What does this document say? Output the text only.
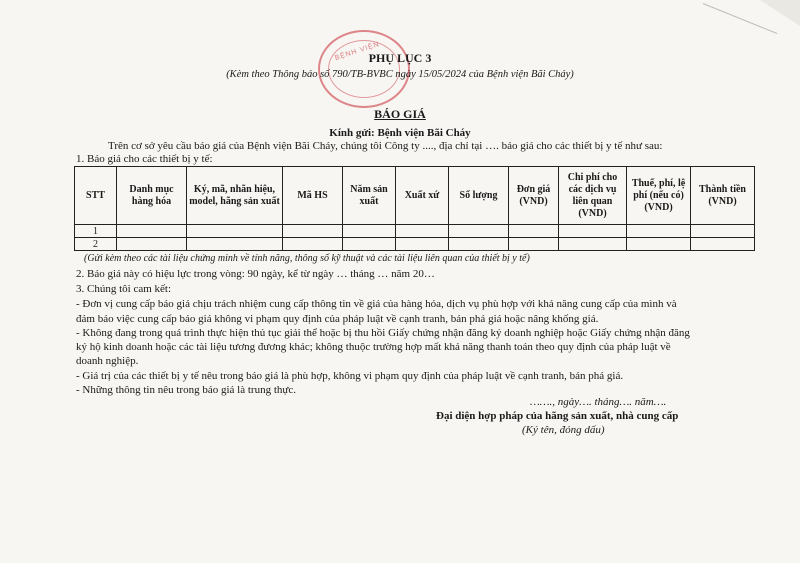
BỆNH VIỆN
PHỤ LỤC 3
(Kèm theo Thông báo số 790/TB-BVBC ngày 15/05/2024 của Bệnh viện Bãi Cháy)
BÁO GIÁ
Kính gửi: Bệnh viện Bãi Cháy
Trên cơ sở yêu cầu báo giá của Bệnh viện Bãi Cháy, chúng tôi Công ty ...., địa chỉ tại …. báo giá cho các thiết bị y tế như sau:
1. Báo giá cho các thiết bị y tế:
STT	Danh mục hàng hóa	Ký, mã, nhãn hiệu, model, hãng sản xuất	Mã HS	Năm sản xuất	Xuất xứ	Số lượng	Đơn giá (VND)	Chi phí cho các dịch vụ liên quan (VND)	Thuế, phí, lệ phí (nếu có) (VND)	Thành tiền (VND)
1										
2										
(Gửi kèm theo các tài liệu chứng minh về tính năng, thông số kỹ thuật và các tài liệu liên quan của thiết bị y tế)
2. Báo giá này có hiệu lực trong vòng: 90 ngày, kể từ ngày … tháng … năm 20…
3. Chúng tôi cam kết:
- Đơn vị cung cấp báo giá chịu trách nhiệm cung cấp thông tin về giá của hàng hóa, dịch vụ phù hợp với khả năng cung cấp của mình và
đảm bảo việc cung cấp báo giá không vi phạm quy định của pháp luật về cạnh tranh, bán phá giá hoặc nâng khống giá.
- Không đang trong quá trình thực hiện thủ tục giải thể hoặc bị thu hồi Giấy chứng nhận đăng ký doanh nghiệp hoặc Giấy chứng nhận đăng
ký hộ kinh doanh hoặc các tài liệu tương đương khác; không thuộc trường hợp mất khả năng thanh toán theo quy định của pháp luật về
doanh nghiệp.
- Giá trị của các thiết bị y tế nêu trong báo giá là phù hợp, không vi phạm quy định của pháp luật về cạnh tranh, bán phá giá.
- Những thông tin nêu trong báo giá là trung thực.
……., ngày…. tháng…. năm….
Đại diện hợp pháp của hãng sản xuất, nhà cung cấp
(Ký tên, đóng dấu)
